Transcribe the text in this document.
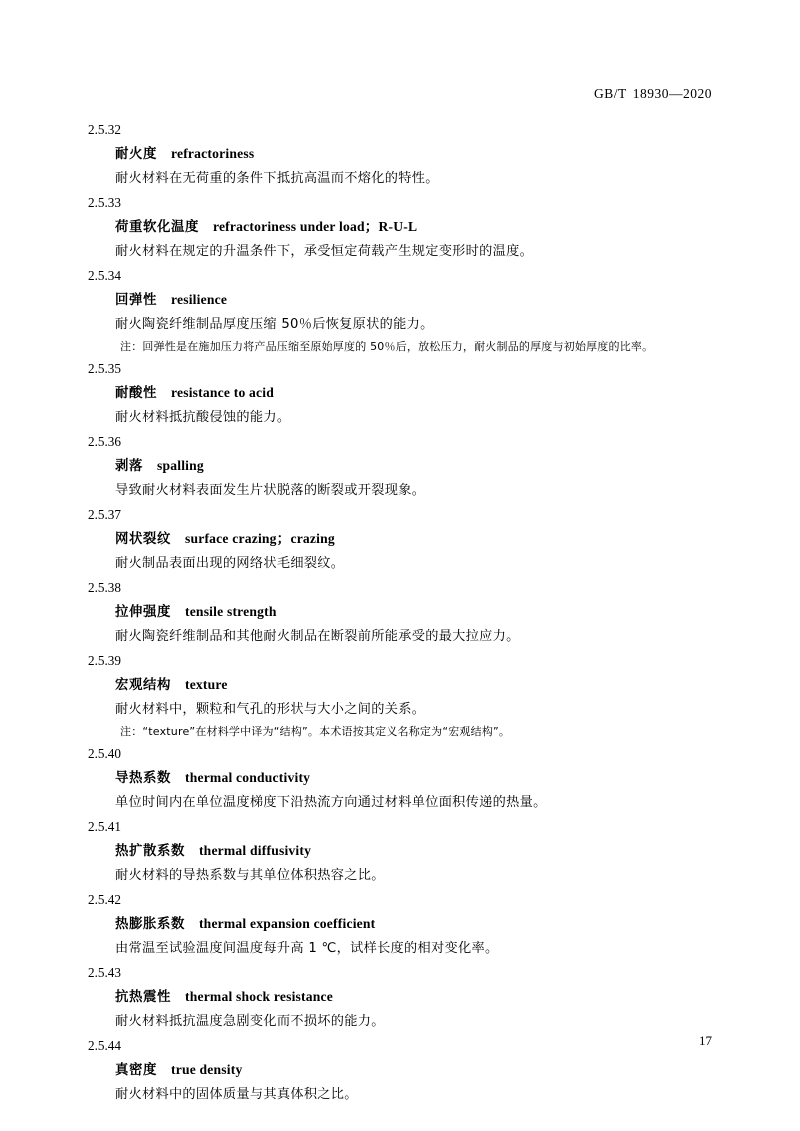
GB/T 18930—2020
2.5.32
耐火度 refractoriness
耐火材料在无荷重的条件下抵抗高温而不熔化的特性。
2.5.33
荷重软化温度 refractoriness under load；R-U-L
耐火材料在规定的升温条件下，承受恒定荷载产生规定变形时的温度。
2.5.34
回弹性 resilience
耐火陶瓷纤维制品厚度压缩 50％后恢复原状的能力。
注：回弹性是在施加压力将产品压缩至原始厚度的 50％后，放松压力，耐火制品的厚度与初始厚度的比率。
2.5.35
耐酸性 resistance to acid
耐火材料抵抗酸侵蚀的能力。
2.5.36
剥落 spalling
导致耐火材料表面发生片状脱落的断裂或开裂现象。
2.5.37
网状裂纹 surface crazing；crazing
耐火制品表面出现的网络状毛细裂纹。
2.5.38
拉伸强度 tensile strength
耐火陶瓷纤维制品和其他耐火制品在断裂前所能承受的最大拉应力。
2.5.39
宏观结构 texture
耐火材料中，颗粒和气孔的形状与大小之间的关系。
注：“texture”在材料学中译为“结构”。本术语按其定义名称定为“宏观结构”。
2.5.40
导热系数 thermal conductivity
单位时间内在单位温度梯度下沿热流方向通过材料单位面积传递的热量。
2.5.41
热扩散系数 thermal diffusivity
耐火材料的导热系数与其单位体积热容之比。
2.5.42
热膨胀系数 thermal expansion coefficient
由常温至试验温度间温度每升高 1 ℃，试样长度的相对变化率。
2.5.43
抗热震性 thermal shock resistance
耐火材料抵抗温度急剧变化而不损坏的能力。
2.5.44
真密度 true density
耐火材料中的固体质量与其真体积之比。
17
